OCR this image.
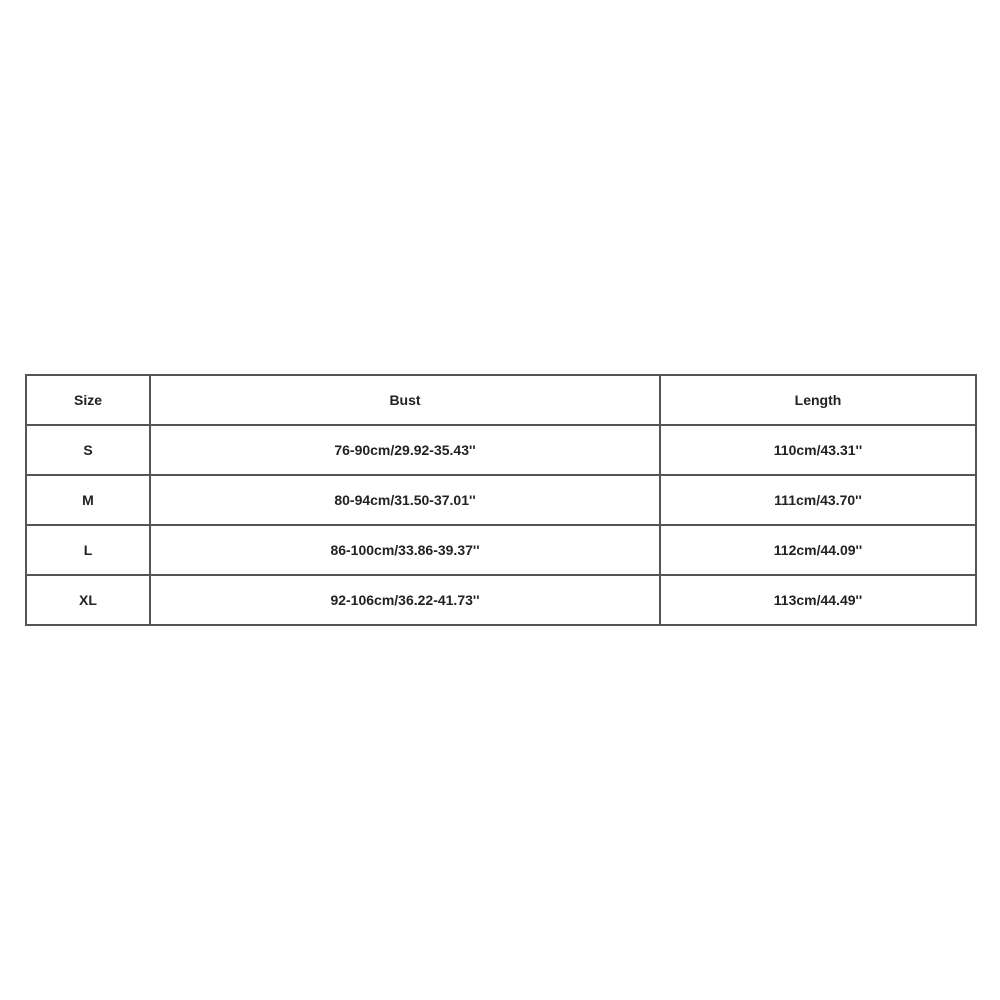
Size	Bust	Length
S	76-90cm/29.92-35.43''	110cm/43.31''
M	80-94cm/31.50-37.01''	111cm/43.70''
L	86-100cm/33.86-39.37''	112cm/44.09''
XL	92-106cm/36.22-41.73''	113cm/44.49''
